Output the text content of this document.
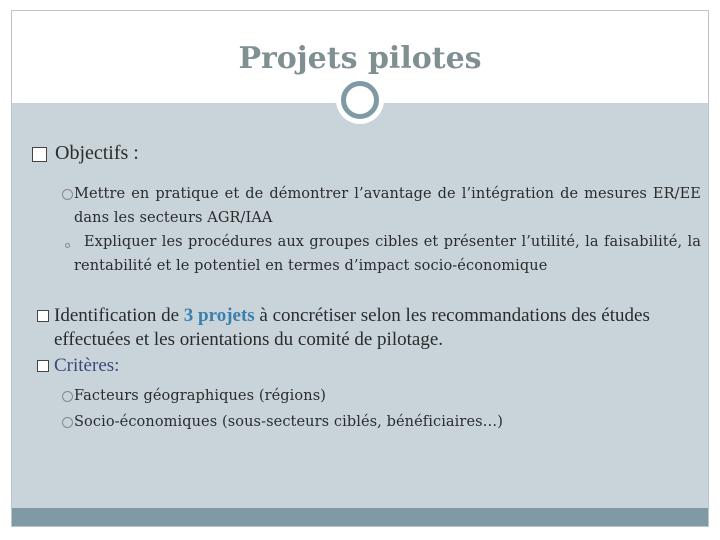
Projets pilotes
Objectifs :
Mettre en pratique et de démontrer l’avantage de l’intégration de mesures ER/EE dans les secteurs AGR/IAA
Expliquer les procédures aux groupes cibles et présenter l’utilité, la faisabilité, la rentabilité et le potentiel en termes d’impact socio-économique
Identification de 3 projets à concrétiser selon les recommandations des études effectuées et les orientations du comité de pilotage.
Critères:
Facteurs géographiques (régions)
Socio-économiques (sous-secteurs ciblés, bénéficiaires…)
